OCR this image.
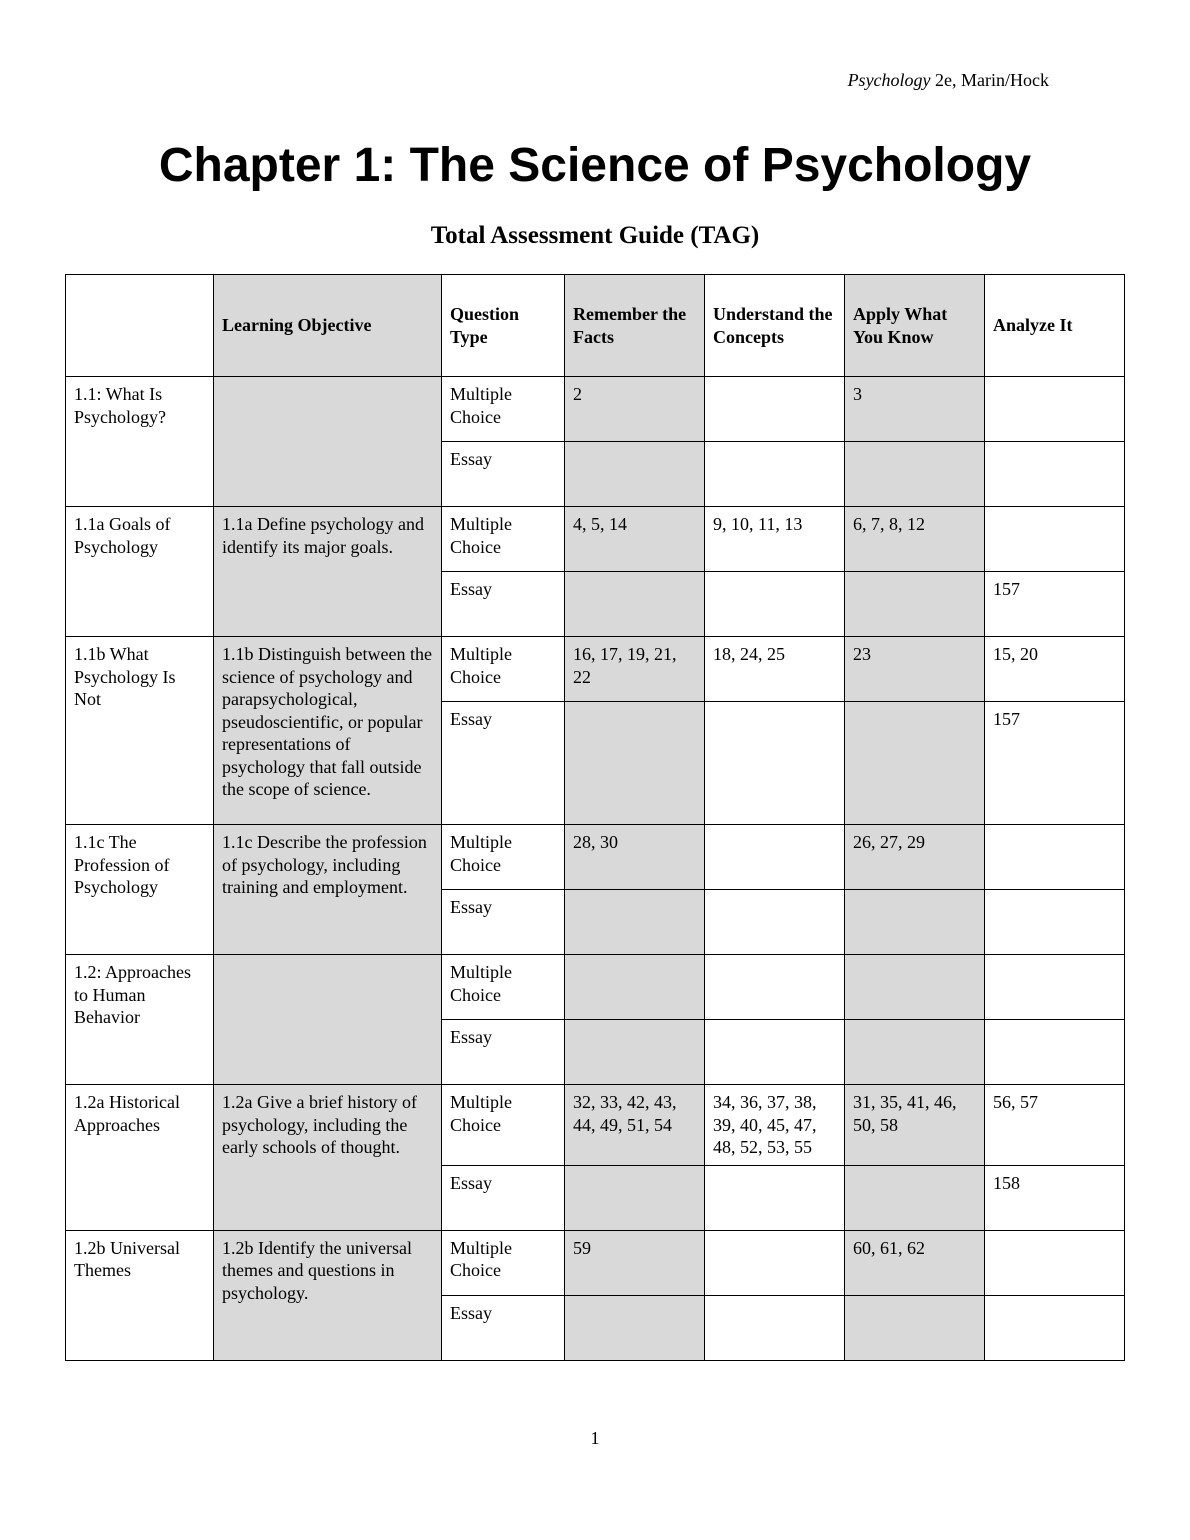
Psychology 2e, Marin/Hock
Chapter 1: The Science of Psychology
Total Assessment Guide (TAG)
	Learning Objective	Question Type	Remember the Facts	Understand the Concepts	Apply What You Know	Analyze It
1.1: What Is Psychology?		Multiple Choice	2		3	
		Essay				
1.1a Goals of Psychology	1.1a Define psychology and identify its major goals.	Multiple Choice	4, 5, 14	9, 10, 11, 13	6, 7, 8, 12	
		Essay				157
1.1b What Psychology Is Not	1.1b Distinguish between the science of psychology and parapsychological, pseudoscientific, or popular representations of psychology that fall outside the scope of science.	Multiple Choice	16, 17, 19, 21, 22	18, 24, 25	23	15, 20
		Essay				157
1.1c The Profession of Psychology	1.1c Describe the profession of psychology, including training and employment.	Multiple Choice	28, 30		26, 27, 29	
		Essay				
1.2: Approaches to Human Behavior		Multiple Choice				
		Essay				
1.2a Historical Approaches	1.2a Give a brief history of psychology, including the early schools of thought.	Multiple Choice	32, 33, 42, 43, 44, 49, 51, 54	34, 36, 37, 38, 39, 40, 45, 47, 48, 52, 53, 55	31, 35, 41, 46, 50, 58	56, 57
		Essay				158
1.2b Universal Themes	1.2b Identify the universal themes and questions in psychology.	Multiple Choice	59		60, 61, 62	
		Essay				
1
